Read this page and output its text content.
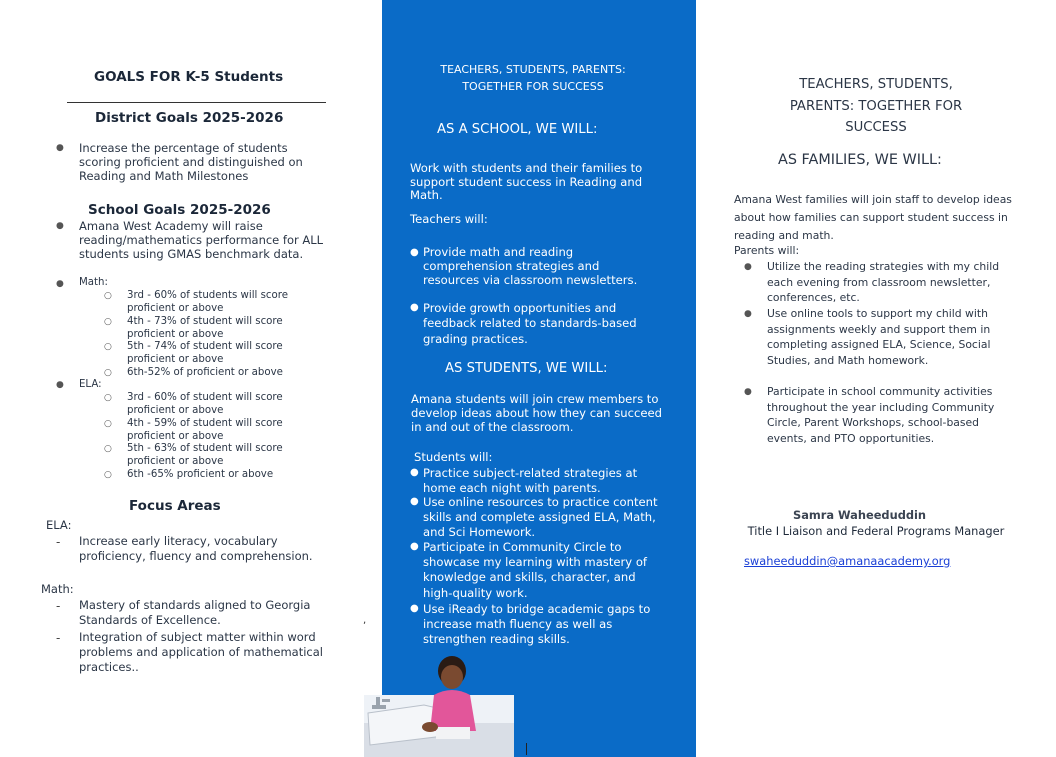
GOALS FOR K-5 Students
District Goals 2025-2026
● Increase the percentage of students scoring proficient and distinguished on Reading and Math Milestones
School Goals 2025-2026
● Amana West Academy will raise reading/mathematics performance for ALL students using GMAS benchmark data.
● Math:
○ 3rd - 60% of students will score proficient or above
○ 4th - 73% of student will score proficient or above
○ 5th - 74% of student will score proficient or above
○ 6th-52% of proficient or above
● ELA:
○ 3rd - 60% of student will score proficient or above
○ 4th - 59% of student will score proficient or above
○ 5th - 63% of student will score proficient or above
○ 6th -65% proficient or above
Focus Areas
ELA:
- Increase early literacy, vocabulary proficiency, fluency and comprehension.
Math:
- Mastery of standards aligned to Georgia Standards of Excellence.
- Integration of subject matter within word problems and application of mathematical practices..
,
TEACHERS, STUDENTS, PARENTS: TOGETHER FOR SUCCESS
AS A SCHOOL, WE WILL:
Work with students and their families to support student success in Reading and Math.
Teachers will:
● Provide math and reading comprehension strategies and resources via classroom newsletters.
● Provide growth opportunities and feedback related to standards-based grading practices.
AS STUDENTS, WE WILL:
Amana students will join crew members to develop ideas about how they can succeed in and out of the classroom.
Students will:
● Practice subject-related strategies at home each night with parents.
● Use online resources to practice content skills and complete assigned ELA, Math, and Sci Homework.
● Participate in Community Circle to showcase my learning with mastery of knowledge and skills, character, and high-quality work.
● Use iReady to bridge academic gaps to increase math fluency as well as strengthen reading skills.
TEACHERS, STUDENTS, PARENTS: TOGETHER FOR SUCCESS
AS FAMILIES, WE WILL:
Amana West families will join staff to develop ideas about how families can support student success in reading and math.
Parents will:
● Utilize the reading strategies with my child each evening from classroom newsletter, conferences, etc.
● Use online tools to support my child with assignments weekly and support them in completing assigned ELA, Science, Social Studies, and Math homework.
● Participate in school community activities throughout the year including Community Circle, Parent Workshops, school-based events, and PTO opportunities.
Samra Waheeduddin
Title I Liaison and Federal Programs Manager
swaheeduddin@amanaacademy.org
